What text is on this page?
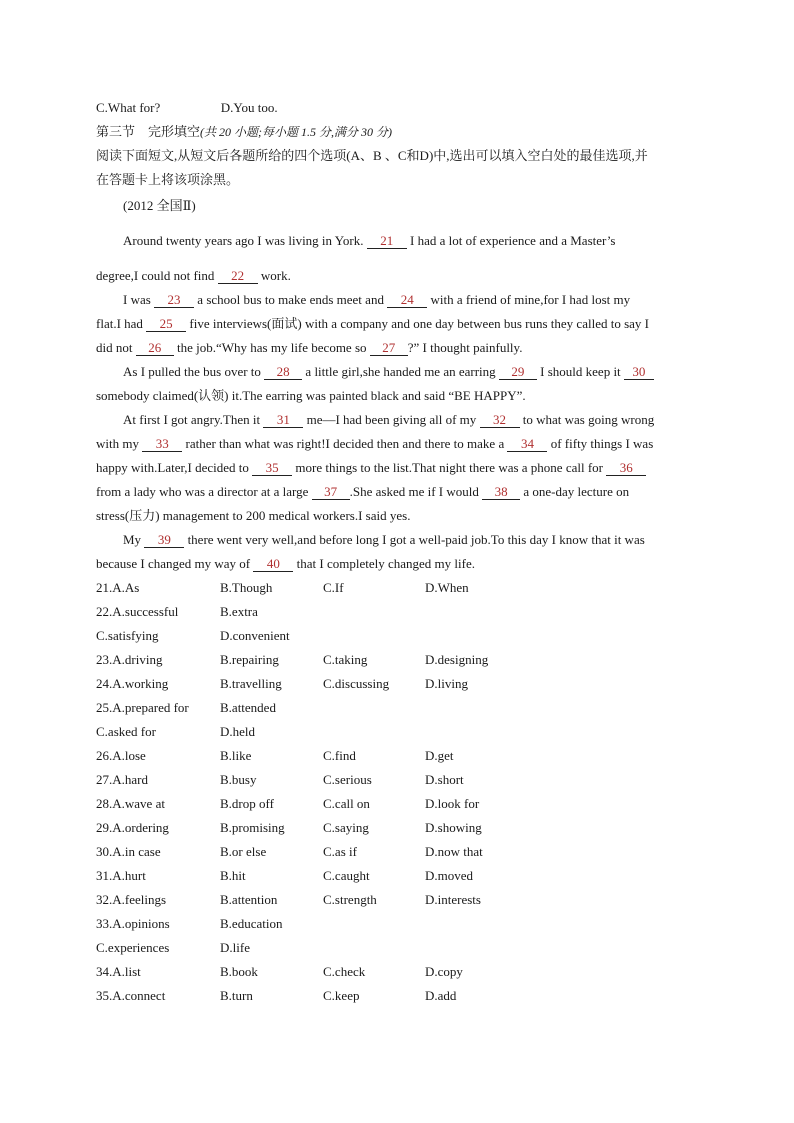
C.What for?	D.You too.
第三节　完形填空(共 20 小题;每小题 1.5 分,满分 30 分)
阅读下面短文,从短文后各题所给的四个选项(A、B 、C和D)中,选出可以填入空白处的最佳选项,并
在答题卡上将该项涂黑。
(2012 全国Ⅱ)
Around twenty years ago I was living in York. 21 I had a lot of experience and a Master’s
degree,I could not find 22 work.
I was 23 a school bus to make ends meet and 24 with a friend of mine,for I had lost my
flat.I had 25 five interviews(面试) with a company and one day between bus runs they called to say I
did not 26 the job.“Why has my life become so 27 ?” I thought painfully.
As I pulled the bus over to 28 a little girl,she handed me an earring 29 I should keep it 30
somebody claimed(认领) it.The earring was painted black and said “BE HAPPY”.
At first I got angry.Then it 31 me—I had been giving all of my 32 to what was going wrong
with my 33 rather than what was right!I decided then and there to make a 34 of fifty things I was
happy with.Later,I decided to 35 more things to the list.That night there was a phone call for 36
from a lady who was a director at a large 37 .She asked me if I would 38 a one-day lecture on
stress(压力) management to 200 medical workers.I said yes.
My 39 there went very well,and before long I got a well-paid job.To this day I know that it was
because I changed my way of 40 that I completely changed my life.
21.A.As	B.Though	C.If	D.When
22.A.successful	B.extra
C.satisfying	D.convenient
23.A.driving	B.repairing	C.taking	D.designing
24.A.working	B.travelling	C.discussing	D.living
25.A.prepared for B.attended
C.asked for	D.held
26.A.lose	B.like	C.find	D.get
27.A.hard	B.busy	C.serious	D.short
28.A.wave at	B.drop off	C.call on	D.look for
29.A.ordering	B.promising	C.saying	D.showing
30.A.in case	B.or else	C.as if	D.now that
31.A.hurt	B.hit	C.caught	D.moved
32.A.feelings	B.attention	C.strength	D.interests
33.A.opinions	B.education
C.experiences	D.life
34.A.list	B.book	C.check	D.copy
35.A.connect	B.turn	C.keep	D.add
